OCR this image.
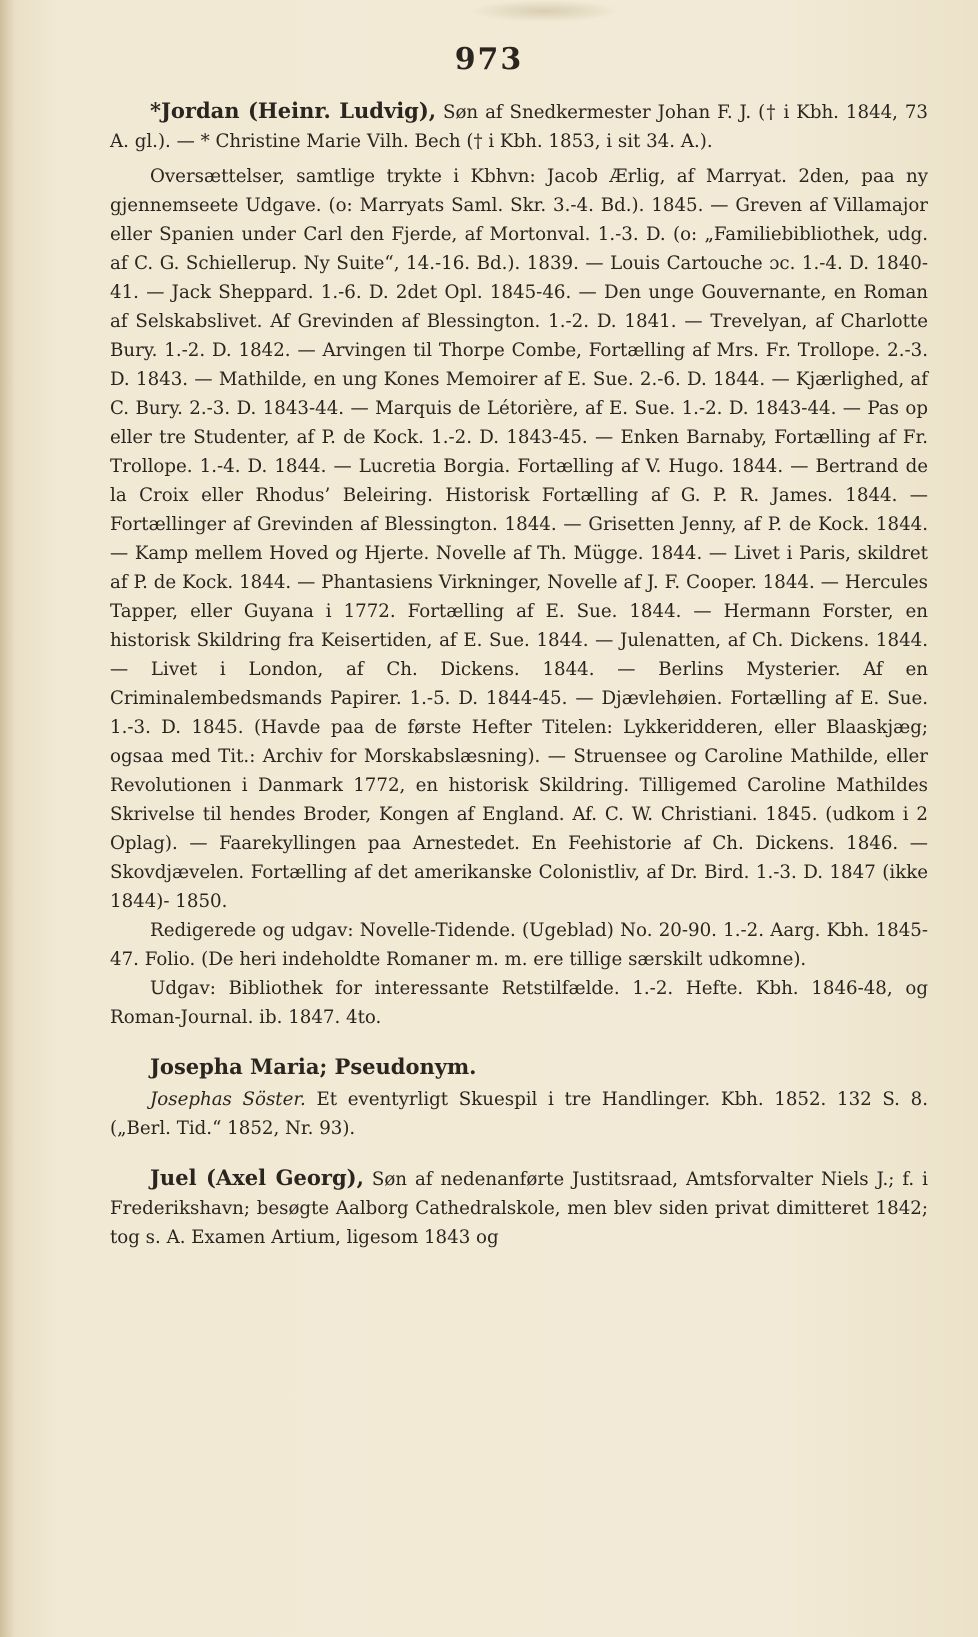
973

*Jordan (Heinr. Ludvig), Søn af Snedkermester Johan F. J. († i Kbh. 1844, 73 A. gl.). — * Christine Marie Vilh. Bech († i Kbh. 1853, i sit 34. A.).

Oversættelser, samtlige trykte i Kbhvn: Jacob Ærlig, af Marryat. 2den, paa ny gjennemseete Udgave. (o: Marryats Saml. Skr. 3.-4. Bd.). 1845. — Greven af Villamajor eller Spanien under Carl den Fjerde, af Mortonval. 1.-3. D. (o: „Familiebibliothek, udg. af C. G. Schiellerup. Ny Suite“, 14.-16. Bd.). 1839. — Louis Cartouche ɔc. 1.-4. D. 1840-41. — Jack Sheppard. 1.-6. D. 2det Opl. 1845-46. — Den unge Gouvernante, en Roman af Selskabslivet. Af Grevinden af Blessington. 1.-2. D. 1841. — Trevelyan, af Charlotte Bury. 1.-2. D. 1842. — Arvingen til Thorpe Combe, Fortælling af Mrs. Fr. Trollope. 2.-3. D. 1843. — Mathilde, en ung Kones Memoirer af E. Sue. 2.-6. D. 1844. — Kjærlighed, af C. Bury. 2.-3. D. 1843-44. — Marquis de Létorière, af E. Sue. 1.-2. D. 1843-44. — Pas op eller tre Studenter, af P. de Kock. 1.-2. D. 1843-45. — Enken Barnaby, Fortælling af Fr. Trollope. 1.-4. D. 1844. — Lucretia Borgia. Fortælling af V. Hugo. 1844. — Bertrand de la Croix eller Rhodus’ Beleiring. Historisk Fortælling af G. P. R. James. 1844. — Fortællinger af Grevinden af Blessington. 1844. — Grisetten Jenny, af P. de Kock. 1844. — Kamp mellem Hoved og Hjerte. Novelle af Th. Mügge. 1844. — Livet i Paris, skildret af P. de Kock. 1844. — Phantasiens Virkninger, Novelle af J. F. Cooper. 1844. — Hercules Tapper, eller Guyana i 1772. Fortælling af E. Sue. 1844. — Hermann Forster, en historisk Skildring fra Keisertiden, af E. Sue. 1844. — Julenatten, af Ch. Dickens. 1844. — Livet i London, af Ch. Dickens. 1844. — Berlins Mysterier. Af en Criminalembedsmands Papirer. 1.-5. D. 1844-45. — Djævlehøien. Fortælling af E. Sue. 1.-3. D. 1845. (Havde paa de første Hefter Titelen: Lykkeridderen, eller Blaaskjæg; ogsaa med Tit.: Archiv for Morskabslæsning). — Struensee og Caroline Mathilde, eller Revolutionen i Danmark 1772, en historisk Skildring. Tilligemed Caroline Mathildes Skrivelse til hendes Broder, Kongen af England. Af. C. W. Christiani. 1845. (udkom i 2 Oplag). — Faarekyllingen paa Arnestedet. En Feehistorie af Ch. Dickens. 1846. — Skovdjævelen. Fortælling af det amerikanske Colonistliv, af Dr. Bird. 1.-3. D. 1847 (ikke 1844)- 1850.

Redigerede og udgav: Novelle-Tidende. (Ugeblad) No. 20-90. 1.-2. Aarg. Kbh. 1845-47. Folio. (De heri indeholdte Romaner m. m. ere tillige særskilt udkomne).

Udgav: Bibliothek for interessante Retstilfælde. 1.-2. Hefte. Kbh. 1846-48, og Roman-Journal. ib. 1847. 4to.

Josepha Maria; Pseudonym.

Josephas Söster. Et eventyrligt Skuespil i tre Handlinger. Kbh. 1852. 132 S. 8. („Berl. Tid.“ 1852, Nr. 93).

Juel (Axel Georg), Søn af nedenanførte Justitsraad, Amtsforvalter Niels J.; f. i Frederikshavn; besøgte Aalborg Cathedralskole, men blev siden privat dimitteret 1842; tog s. A. Examen Artium, ligesom 1843 og
